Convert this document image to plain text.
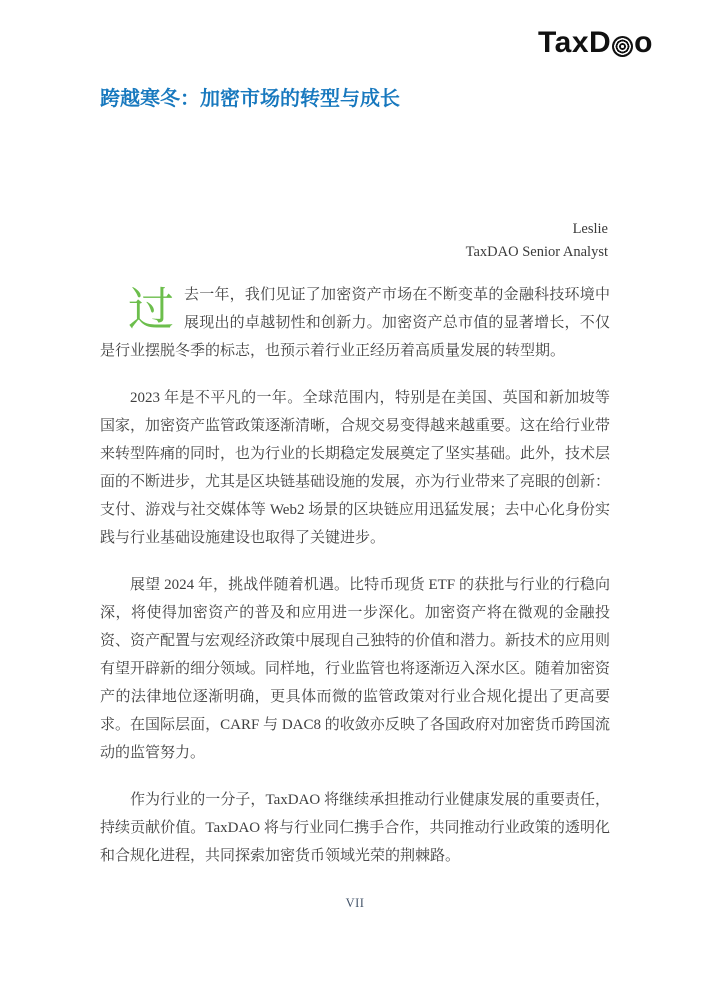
TaxD o
跨越寒冬：加密市场的转型与成长
Leslie
TaxDAO Senior Analyst

过去一年，我们见证了加密资产市场在不断变革的金融科技环境中展现出的卓越韧性和创新力。加密资产总市值的显著增长，不仅是行业摆脱冬季的标志，也预示着行业正经历着高质量发展的转型期。

2023 年是不平凡的一年。全球范围内，特别是在美国、英国和新加坡等国家，加密资产监管政策逐渐清晰，合规交易变得越来越重要。这在给行业带来转型阵痛的同时，也为行业的长期稳定发展奠定了坚实基础。此外，技术层面的不断进步，尤其是区块链基础设施的发展，亦为行业带来了亮眼的创新：支付、游戏与社交媒体等 Web2 场景的区块链应用迅猛发展；去中心化身份实践与行业基础设施建设也取得了关键进步。

展望 2024 年，挑战伴随着机遇。比特币现货 ETF 的获批与行业的行稳向深，将使得加密资产的普及和应用进一步深化。加密资产将在微观的金融投资、资产配置与宏观经济政策中展现自己独特的价值和潜力。新技术的应用则有望开辟新的细分领域。同样地，行业监管也将逐渐迈入深水区。随着加密资产的法律地位逐渐明确，更具体而微的监管政策对行业合规化提出了更高要求。在国际层面，CARF 与 DAC8 的收敛亦反映了各国政府对加密货币跨国流动的监管努力。

作为行业的一分子，TaxDAO 将继续承担推动行业健康发展的重要责任，持续贡献价值。TaxDAO 将与行业同仁携手合作，共同推动行业政策的透明化和合规化进程，共同探索加密货币领域光荣的荆棘路。

VII
